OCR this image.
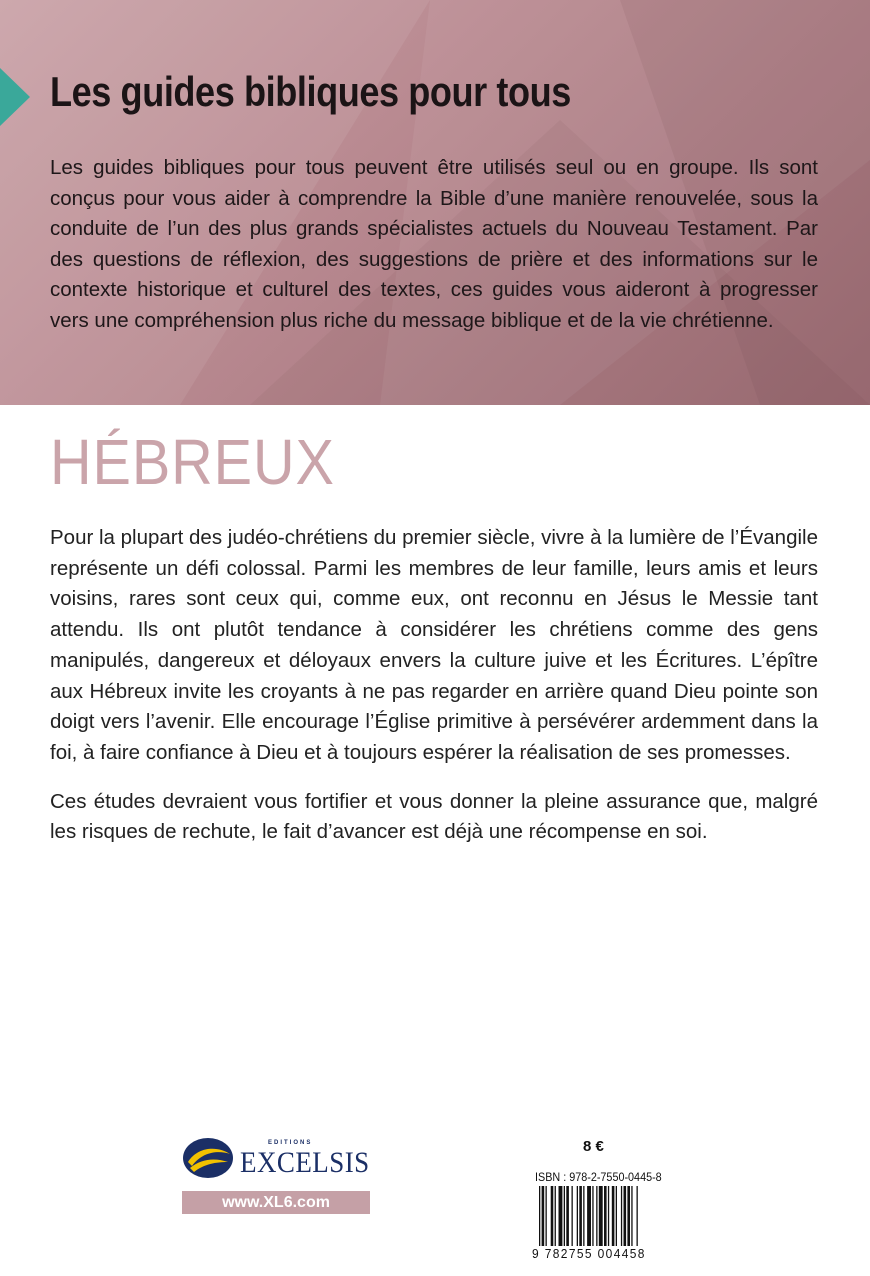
Les guides bibliques pour tous

Les guides bibliques pour tous peuvent être utilisés seul ou en groupe. Ils sont conçus pour vous aider à comprendre la Bible d’une manière renouvelée, sous la conduite de l’un des plus grands spécialistes actuels du Nouveau Testament. Par des questions de réflexion, des suggestions de prière et des informations sur le contexte historique et culturel des textes, ces guides vous aideront à progresser vers une compréhension plus riche du message biblique et de la vie chrétienne.

HÉBREUX

Pour la plupart des judéo-chrétiens du premier siècle, vivre à la lumière de l’Évangile représente un défi colossal. Parmi les membres de leur famille, leurs amis et leurs voisins, rares sont ceux qui, comme eux, ont reconnu en Jésus le Messie tant attendu. Ils ont plutôt tendance à considérer les chrétiens comme des gens manipulés, dangereux et déloyaux envers la culture juive et les Écritures. L’épître aux Hébreux invite les croyants à ne pas regarder en arrière quand Dieu pointe son doigt vers l’avenir. Elle encourage l’Église primitive à persévérer ardemment dans la foi, à faire confiance à Dieu et à toujours espérer la réalisation de ses promesses.

Ces études devraient vous fortifier et vous donner la pleine assurance que, malgré les risques de rechute, le fait d’avancer est déjà une récompense en soi.

EDITIONS
EXCELSIS
www.XL6.com
8 €
ISBN : 978-2-7550-0445-8
9 782755 004458
